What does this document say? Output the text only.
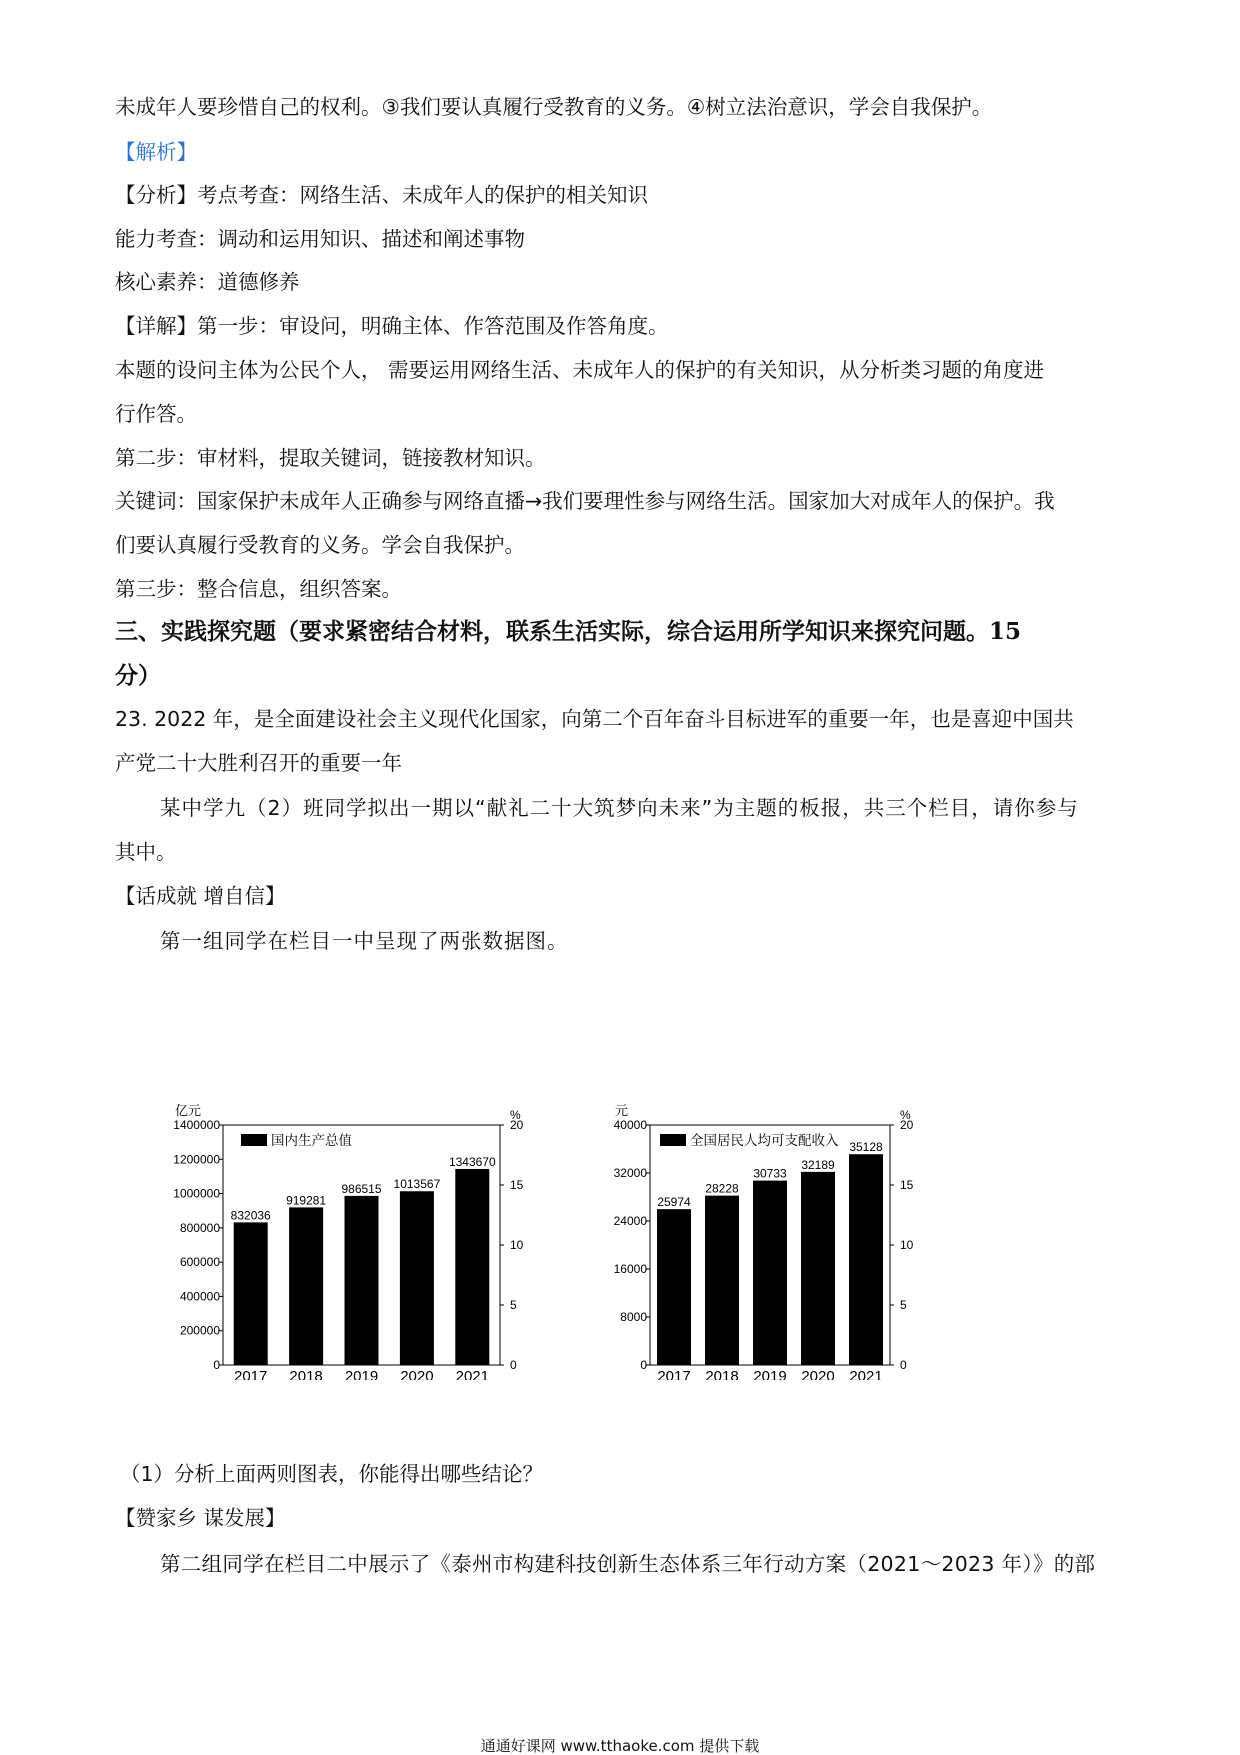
未成年人要珍惜自己的权利。③我们要认真履行受教育的义务。④树立法治意识，学会自我保护。
【解析】
【分析】考点考查：网络生活、未成年人的保护的相关知识
能力考查：调动和运用知识、描述和阐述事物
核心素养：道德修养
【详解】第一步：审设问，明确主体、作答范围及作答角度。
本题的设问主体为公民个人， 需要运用网络生活、未成年人的保护的有关知识，从分析类习题的角度进
行作答。
第二步：审材料，提取关键词，链接教材知识。
关键词：国家保护未成年人正确参与网络直播→我们要理性参与网络生活。国家加大对成年人的保护。我
们要认真履行受教育的义务。学会自我保护。
第三步：整合信息，组织答案。
三、实践探究题（要求紧密结合材料，联系生活实际，综合运用所学知识来探究问题。15
分）
23. 2022 年，是全面建设社会主义现代化国家，向第二个百年奋斗目标进军的重要一年，也是喜迎中国共
产党二十大胜利召开的重要一年
某中学九（2）班同学拟出一期以“献礼二十大筑梦向未来”为主题的板报，共三个栏目，请你参与
其中。
【话成就 增自信】
第一组同学在栏目一中呈现了两张数据图。
亿元	%
0
200000
400000
600000
800000
1000000
1200000
1400000
0
5
10
15
20
832036
2017
919281
2018
986515
2019
1013567
2020
1343670
2021
国内生产总值
元	%
0
8000
16000
24000
32000
40000
0
5
10
15
20
25974
2017
28228
2018
30733
2019
32189
2020
35128
2021
全国居民人均可支配收入
（1）分析上面两则图表，你能得出哪些结论？
【赞家乡 谋发展】
第二组同学在栏目二中展示了《泰州市构建科技创新生态体系三年行动方案（2021～2023 年）》的部
通通好课网 www.tthaoke.com 提供下载
